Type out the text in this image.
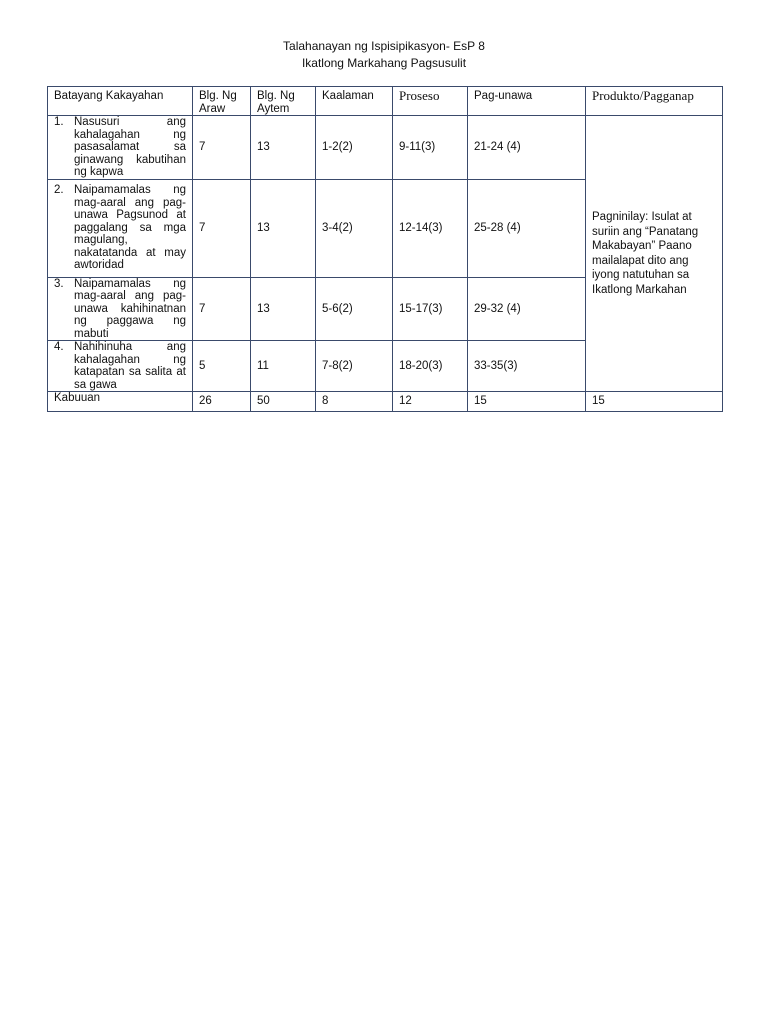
Talahanayan ng Ispisipikasyon- EsP 8
Ikatlong Markahang Pagsusulit
Batayang Kakayahan	Blg. Ng Araw	Blg. Ng Aytem	Kaalaman	Proseso	Pag-unawa	Produkto/Pagganap

1. Nasusuri ang kahalagahan ng pasasalamat sa ginawang kabutihan ng kapwa	7	13	1-2(2)	9-11(3)	21-24 (4)	Pagninilay: Isulat at suriin ang “Panatang Makabayan” Paano mailalapat dito ang iyong natutuhan sa Ikatlong Markahan

2. Naipamamalas ng mag-aaral ang pag-unawa Pagsunod at paggalang sa mga magulang, nakatatanda at may awtoridad	7	13	3-4(2)	12-14(3)	25-28 (4)	

3. Naipamamalas ng mag-aaral ang pag-unawa kahihinatnan ng paggawa ng mabuti	7	13	5-6(2)	15-17(3)	29-32 (4)	

4. Nahihinuha ang kahalagahan ng katapatan sa salita at sa gawa	5	11	7-8(2)	18-20(3)	33-35(3)	
Kabuuan	26	50	8	12	15	15
